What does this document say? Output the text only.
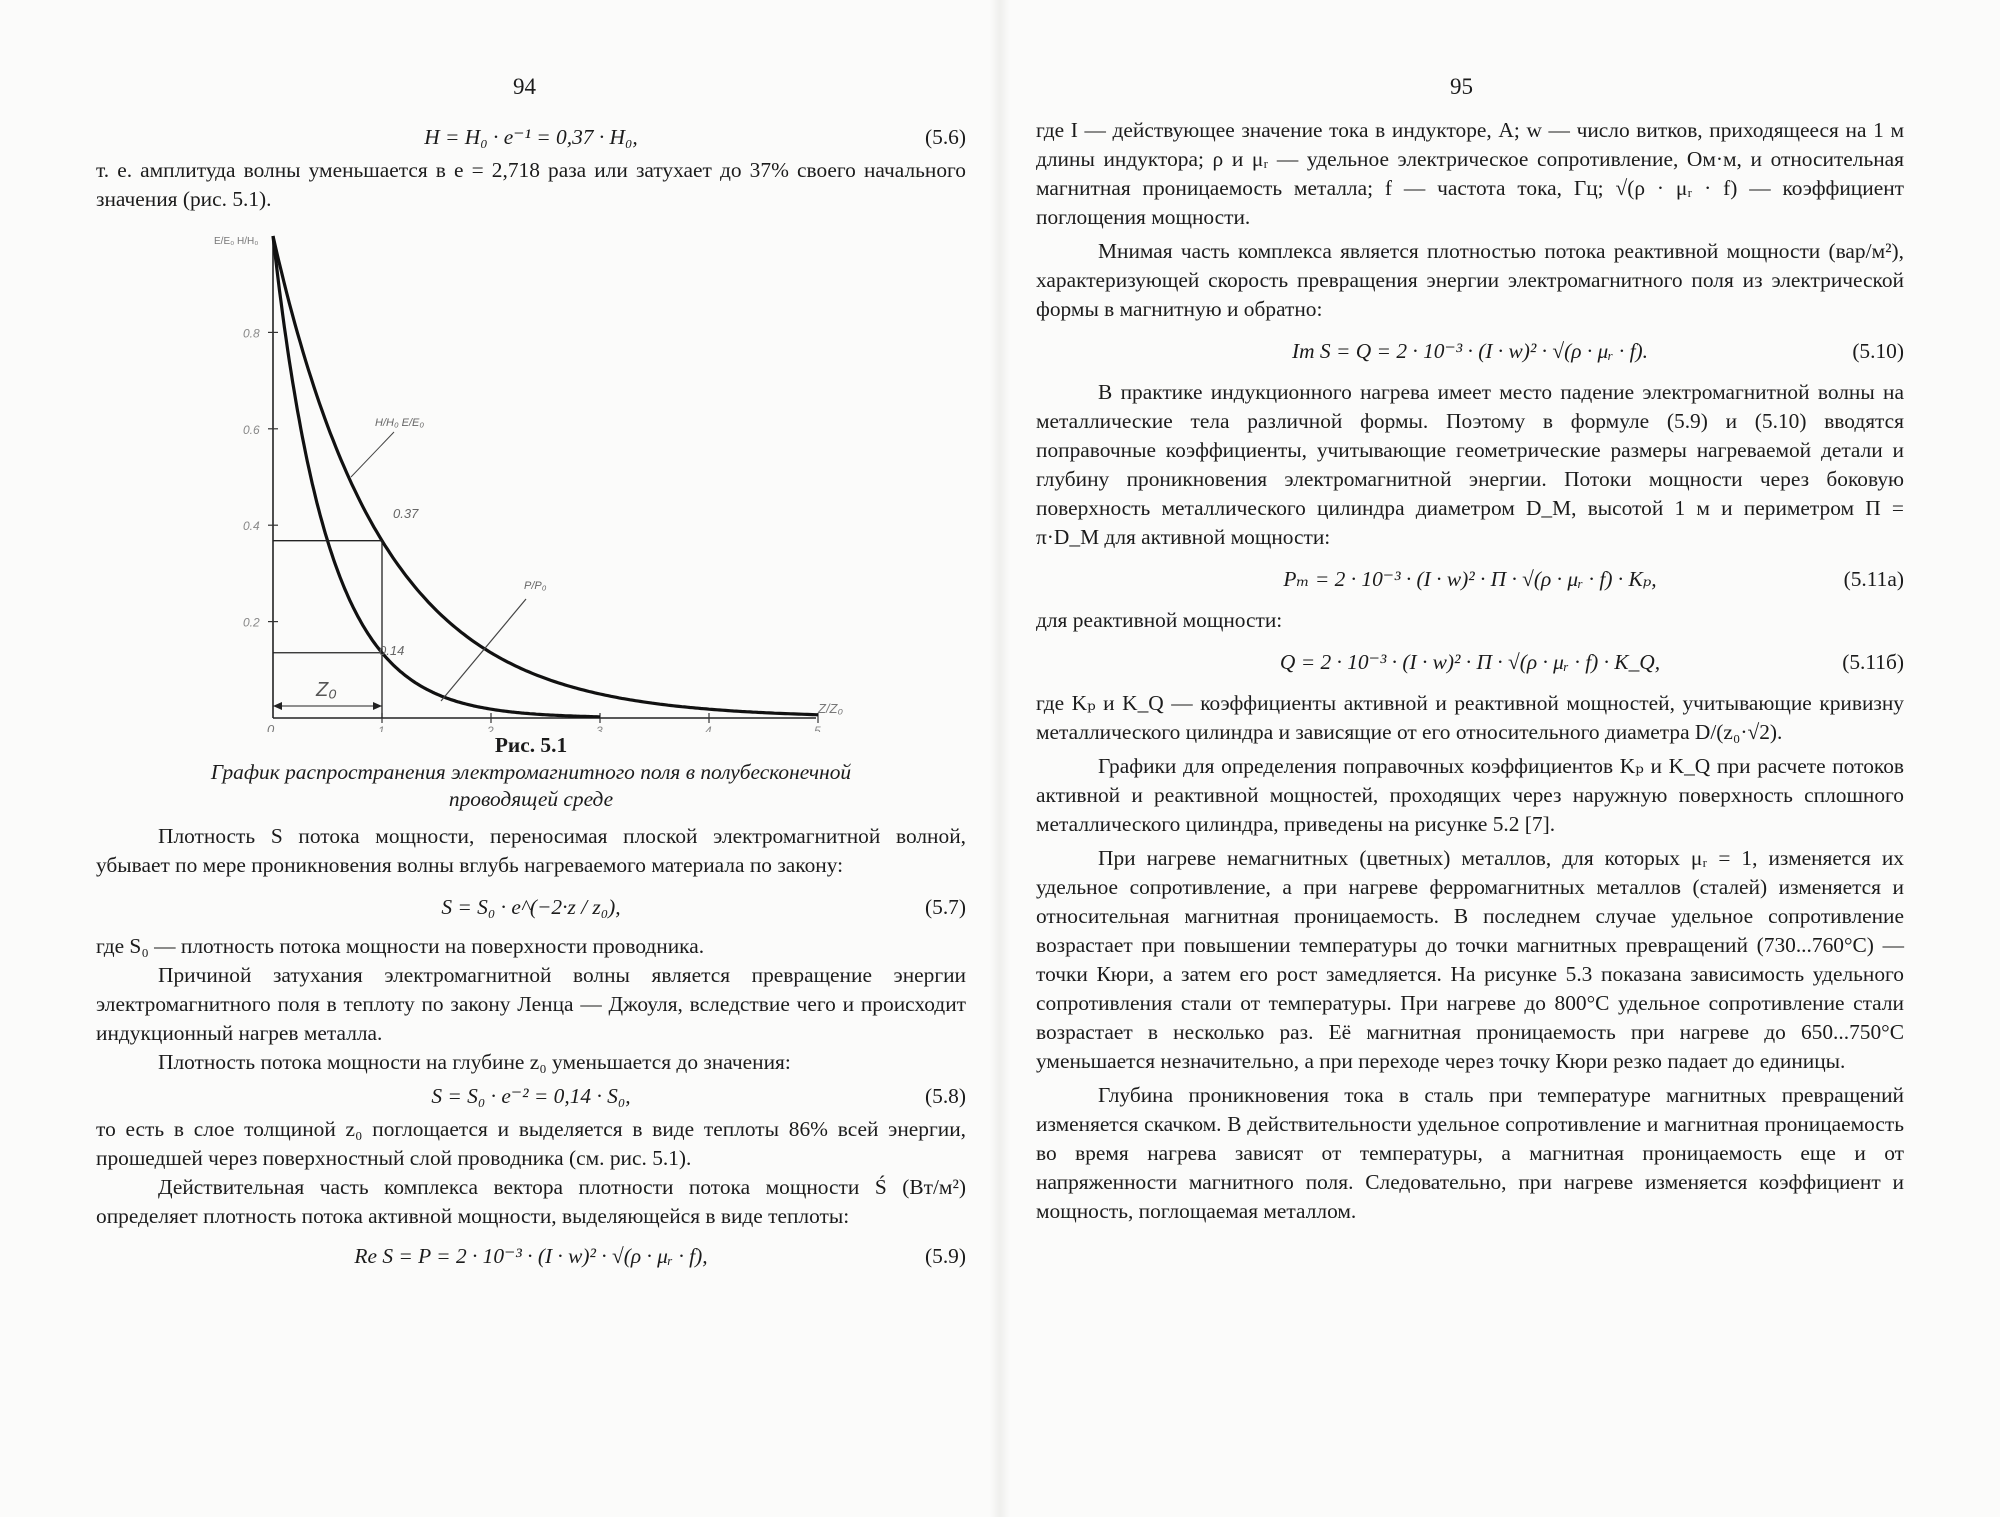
94
H = H₀ · e⁻¹ = 0,37 · H₀,	(5.6)

т. е. амплитуда волны уменьшается в e = 2,718 раза или затухает до 37% своего начального значения (рис. 5.1).

0.2
0.4
0.6
0.8
1	2	3	4	5
E/E₀ H/H₀
Z/Z₀
0
H/H₀ E/E₀
P/P₀
0.37
0.14
Z₀
Рис. 5.1
График распространения электромагнитного поля в полубесконечной
проводящей среде

Плотность S потока мощности, переносимая плоской электромагнитной волной, убывает по мере проникновения волны вглубь нагреваемого материала по закону:

S = S₀ · e^(−2·z / z₀),	(5.7)

где S₀ — плотность потока мощности на поверхности проводника.

Причиной затухания электромагнитной волны является превращение энергии электромагнитного поля в теплоту по закону Ленца — Джоуля, вследствие чего и происходит индукционный нагрев металла.

Плотность потока мощности на глубине z₀ уменьшается до значения:

S = S₀ · e⁻² = 0,14 · S₀,	(5.8)

то есть в слое толщиной z₀ поглощается и выделяется в виде теплоты 86% всей энергии, прошедшей через поверхностный слой проводника (см. рис. 5.1).

Действительная часть комплекса вектора плотности потока мощности Ś (Вт/м²) определяет плотность потока активной мощности, выделяющейся в виде теплоты:

Re S = P = 2 · 10⁻³ · (I · w)² · √(ρ · μᵣ · f),	(5.9)
95

где I — действующее значение тока в индукторе, А; w — число витков, приходящееся на 1 м длины индуктора; ρ и μᵣ — удельное электрическое сопротивление, Ом·м, и относительная магнитная проницаемость металла; f — частота тока, Гц; √(ρ · μᵣ · f) — коэффициент поглощения мощности.

Мнимая часть комплекса является плотностью потока реактивной мощности (вар/м²), характеризующей скорость превращения энергии электромагнитного поля из электрической формы в магнитную и обратно:

Im S = Q = 2 · 10⁻³ · (I · w)² · √(ρ · μᵣ · f).	(5.10)

В практике индукционного нагрева имеет место падение электромагнитной волны на металлические тела различной формы. Поэтому в формуле (5.9) и (5.10) вводятся поправочные коэффициенты, учитывающие геометрические размеры нагреваемой детали и глубину проникновения электромагнитной энергии. Потоки мощности через боковую поверхность металлического цилиндра диаметром D_M, высотой 1 м и периметром П = π·D_M для активной мощности:

Pₘ = 2 · 10⁻³ · (I · w)² · П · √(ρ · μᵣ · f) · Kₚ,	(5.11а)

для реактивной мощности:

Q = 2 · 10⁻³ · (I · w)² · П · √(ρ · μᵣ · f) · K_Q,	(5.11б)

где Kₚ и K_Q — коэффициенты активной и реактивной мощностей, учитывающие кривизну металлического цилиндра и зависящие от его относительного диаметра D/(z₀·√2).

Графики для определения поправочных коэффициентов Kₚ и K_Q при расчете потоков активной и реактивной мощностей, проходящих через наружную поверхность сплошного металлического цилиндра, приведены на рисунке 5.2 [7].

При нагреве немагнитных (цветных) металлов, для которых μᵣ = 1, изменяется их удельное сопротивление, а при нагреве ферромагнитных металлов (сталей) изменяется и относительная магнитная проницаемость. В последнем случае удельное сопротивление возрастает при повышении температуры до точки магнитных превращений (730...760°C) — точки Кюри, а затем его рост замедляется. На рисунке 5.3 показана зависимость удельного сопротивления стали от температуры. При нагреве до 800°C удельное сопротивление стали возрастает в несколько раз. Её магнитная проницаемость при нагреве до 650...750°C уменьшается незначительно, а при переходе через точку Кюри резко падает до единицы.

Глубина проникновения тока в сталь при температуре магнитных превращений изменяется скачком. В действительности удельное сопротивление и магнитная проницаемость во время нагрева зависят от температуры, а магнитная проницаемость еще и от напряженности магнитного поля. Следовательно, при нагреве изменяется коэффициент и мощность, поглощаемая металлом.
